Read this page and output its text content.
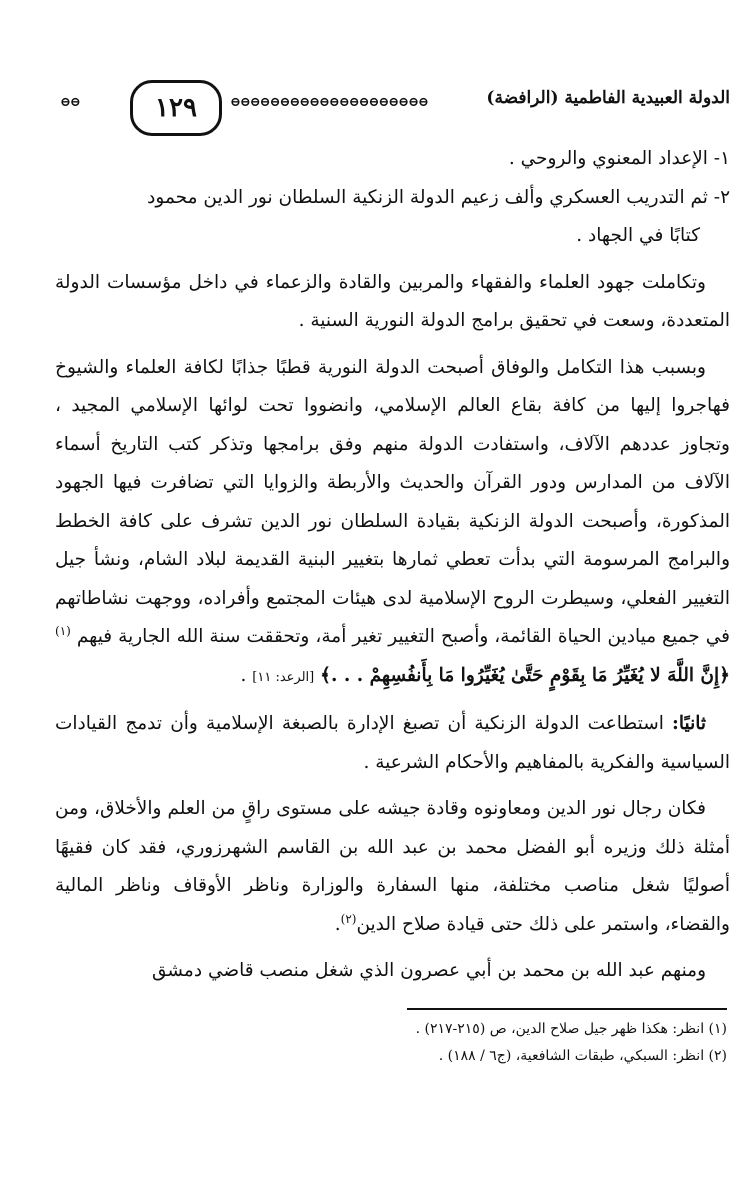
⊖⊖	١٢٩	⊖⊖⊖⊖⊖⊖⊖⊖⊖⊖⊖⊖⊖⊖⊖⊖⊖⊖⊖⊖	الدولة العبيدية الفاطمية (الرافضة)

١- الإعداد المعنوي والروحي .

٢- ثم التدريب العسكري وألف زعيم الدولة الزنكية السلطان نور الدين محمود
كتابًا في الجهاد .

وتكاملت جهود العلماء والفقهاء والمربين والقادة والزعماء في داخل مؤسسات الدولة المتعددة، وسعت في تحقيق برامج الدولة النورية السنية .

وبسبب هذا التكامل والوفاق أصبحت الدولة النورية قطبًا جذابًا لكافة العلماء والشيوخ فهاجروا إليها من كافة بقاع العالم الإسلامي، وانضووا تحت لوائها الإسلامي المجيد ، وتجاوز عددهم الآلاف، واستفادت الدولة منهم وفق برامجها وتذكر كتب التاريخ أسماء الآلاف من المدارس ودور القرآن والحديث والأربطة والزوايا التي تضافرت فيها الجهود المذكورة، وأصبحت الدولة الزنكية بقيادة السلطان نور الدين تشرف على كافة الخطط والبرامج المرسومة التي بدأت تعطي ثمارها بتغيير البنية القديمة لبلاد الشام، ونشأ جيل التغيير الفعلي، وسيطرت الروح الإسلامية لدى هيئات المجتمع وأفراده، ووجهت نشاطاتهم في جميع ميادين الحياة القائمة، وأصبح التغيير تغير أمة، وتحققت سنة الله الجارية فيهم $^{(١)}$ ﴿إِنَّ اللَّهَ لا يُغَيِّرُ مَا بِقَوْمٍ حَتَّىٰ يُغَيِّرُوا مَا بِأَنفُسِهِمْ . . .﴾ [الرعد: ١١] .

ثانيًا: استطاعت الدولة الزنكية أن تصبغ الإدارة بالصبغة الإسلامية وأن تدمج القيادات السياسية والفكرية بالمفاهيم والأحكام الشرعية .

فكان رجال نور الدين ومعاونوه وقادة جيشه على مستوى راقٍ من العلم والأخلاق، ومن أمثلة ذلك وزيره أبو الفضل محمد بن عبد الله بن القاسم الشهرزوري، فقد كان فقيهًا أصوليًا شغل مناصب مختلفة، منها السفارة والوزارة وناظر الأوقاف وناظر المالية والقضاء، واستمر على ذلك حتى قيادة صلاح الدين$^{(٢)}$.

ومنهم عبد الله بن محمد بن أبي عصرون الذي شغل منصب قاضي دمشق

(١) انظر: هكذا ظهر جيل صلاح الدين، ص (٢١٥-٢١٧) .
(٢) انظر: السبكي، طبقات الشافعية، (ج٦ / ١٨٨) .
